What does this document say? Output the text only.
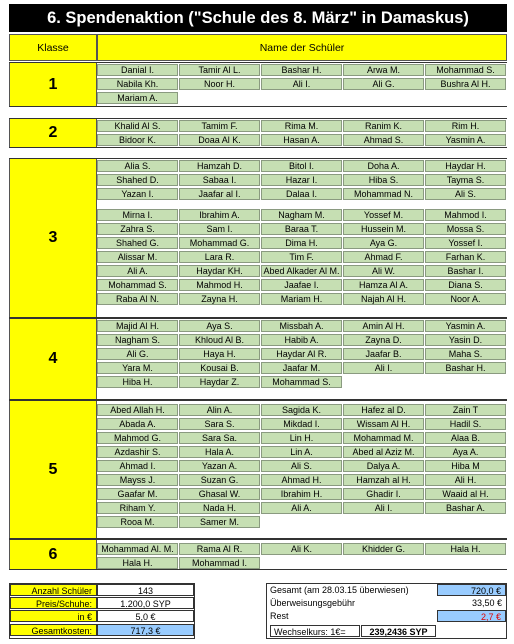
6. Spendenaktion ("Schule des 8. März" in Damaskus)
Klasse	Name der Schüler
1
Danial I.	Tamir Al L.	Bashar H.	Arwa M.	Mohammad S.
Nabila Kh.	Noor H.	Ali I.	Ali G.	Bushra Al H.
Mariam A.
2	Khalid Al S.	Tamim F.	Rima M.	Ranim K.	Rim H.
Bidoor K.	Doaa Al K.	Hasan A.	Ahmad S.	Yasmin A.
3
Alia S.	Hamzah D.	Bitol I.	Doha A.	Haydar H.
Shahed D.	Sabaa I.	Hazar I.	Hiba S.	Tayma S.
Yazan I.	Jaafar al I.	Dalaa I.	Mohammad N.	Ali S.
Mirna I.	Ibrahim A.	Nagham M.	Yossef M.	Mahmod I.
Zahra S.	Sam I.	Baraa T.	Hussein M.	Mossa S.
Shahed G.	Mohammad G.	Dima H.	Aya G.	Yossef I.
Alissar M.	Lara R.	Tim F.	Ahmad F.	Farhan K.
Ali A.	Haydar KH.	Abed Alkader Al M.	Ali W.	Bashar I.
Mohammad S.	Mahmod H.	Jaafae I.	Hamza Al A.	Diana S.
Raba Al N.	Zayna H.	Mariam H.	Najah Al H.	Noor A.
4
Majid Al H.	Aya S.	Missbah A.	Amin Al H.	Yasmin A.
Nagham S.	Khloud Al B.	Habib A.	Zayna D.	Yasin D.
Ali G.	Haya H.	Haydar Al R.	Jaafar B.	Maha S.
Yara M.	Kousai B.	Jaafar M.	Ali I.	Bashar H.
Hiba H.	Haydar Z.	Mohammad S.
5
Abed Allah H.	Alin A.	Sagida K.	Hafez al D.	Zain T
Abada A.	Sara S.	Mikdad I.	Wissam Al H.	Hadil S.
Mahmod G.	Sara Sa.	Lin H.	Mohammad M.	Alaa B.
Azdashir S.	Hala A.	Lin A.	Abed al Aziz M.	Aya A.
Ahmad I.	Yazan A.	Ali S.	Dalya A.	Hiba M
Mayss J.	Suzan G.	Ahmad H.	Hamzah al H.	Ali H.
Gaafar M.	Ghasal W.	Ibrahim H.	Ghadir I.	Waaid al H.
Riham Y.	Nada H.	Ali A.	Ali I.	Bashar A.
Rooa M.	Samer M.
6	Mohammad Al. M.	Rama Al R.	Ali K.	Khidder G.	Hala H.
Hala H.	Mohammad I.
Anzahl Schüler	143
Preis/Schuhe:	1.200,0 SYP
in €	5,0 €
Gesamtkosten:	717,3 €
Gesamt (am 28.03.15 überwiesen)	720,0 €
Überweisungsgebühr	33,50 €
Rest	2,7 €
Wechselkurs: 1€=	239,2436 SYP
